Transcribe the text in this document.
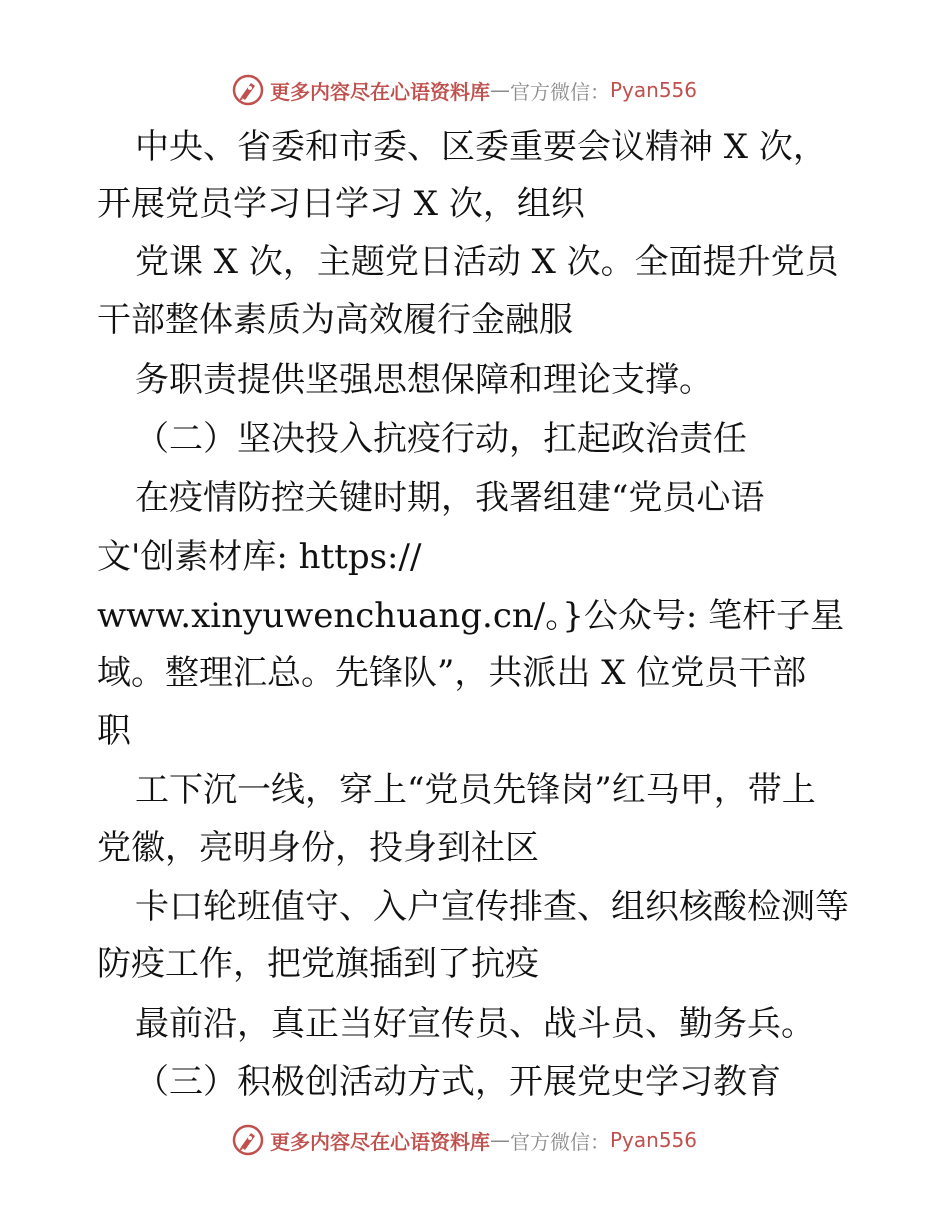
更多内容尽在心语资料库 — 官方微信： Pyan556
中央、省委和市委、区委重要会议精神 X 次，
开展党员学习日学习 X 次，组织
党课 X 次，主题党日活动 X 次。全面提升党员
干部整体素质为高效履行金融服
务职责提供坚强思想保障和理论支撑。
（二）坚决投入抗疫行动，扛起政治责任
在疫情防控关键时期，我署组建“党员心语
文'创素材库: https://
www.xinyuwenchuang.cn/。}公众号: 笔杆子星
域。整理汇总。先锋队”，共派出 X 位党员干部
职
工下沉一线，穿上“党员先锋岗”红马甲，带上
党徽，亮明身份，投身到社区
卡口轮班值守、入户宣传排查、组织核酸检测等
防疫工作，把党旗插到了抗疫
最前沿，真正当好宣传员、战斗员、勤务兵。
（三）积极创活动方式，开展党史学习教育
更多内容尽在心语资料库 — 官方微信： Pyan556
